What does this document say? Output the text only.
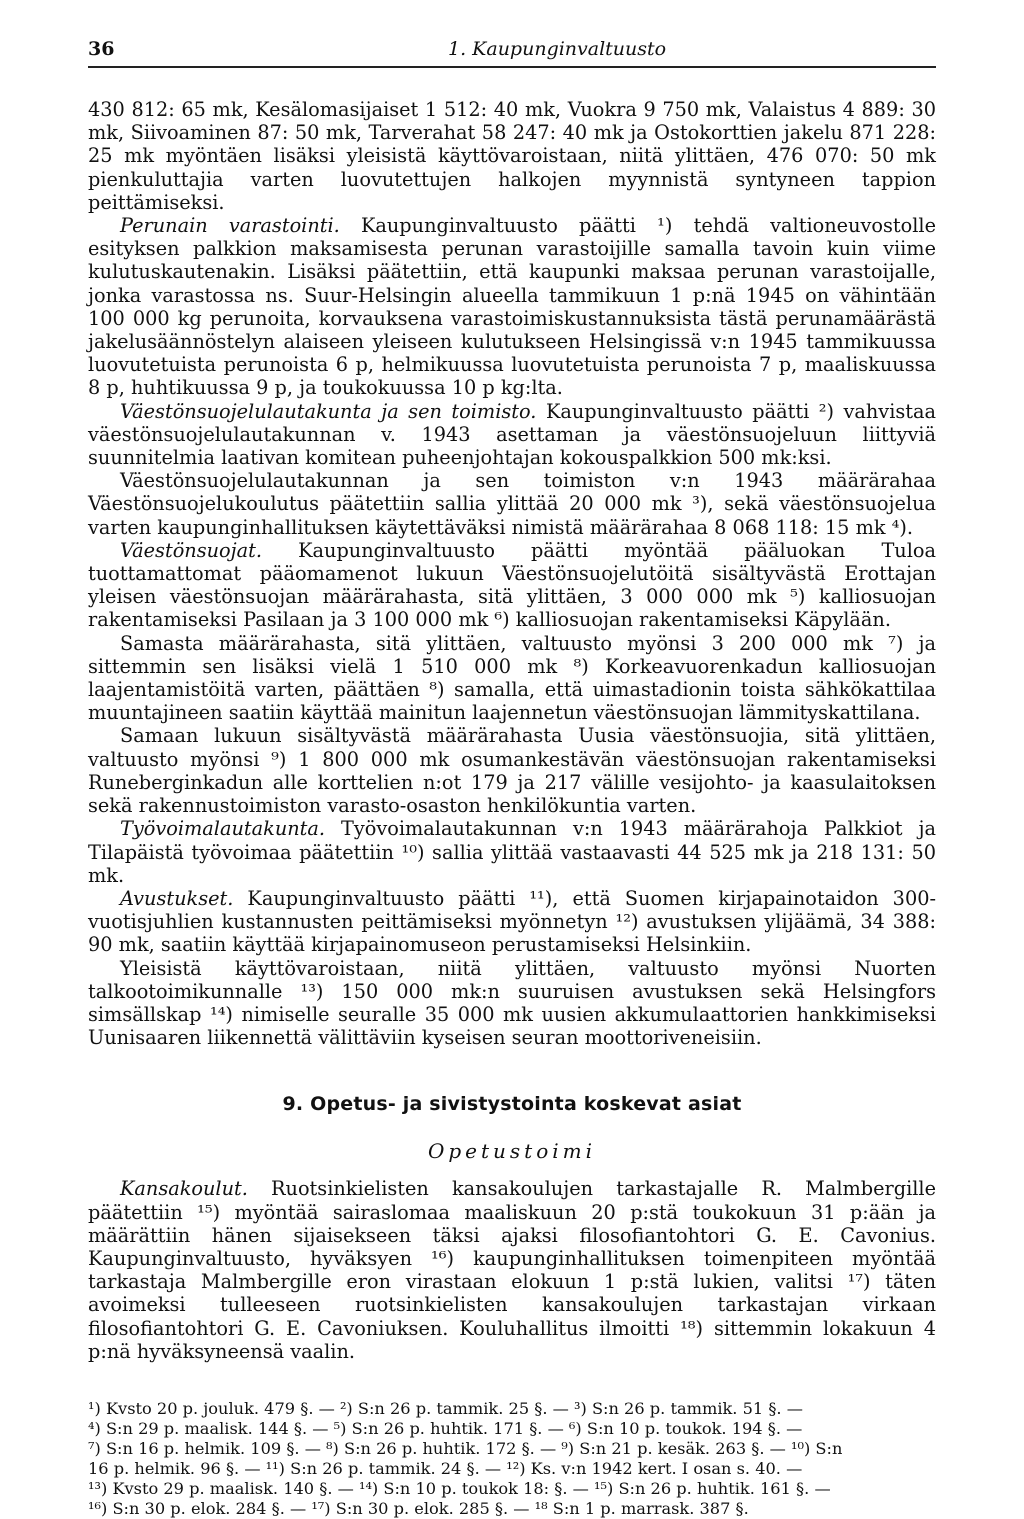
36	1. Kaupunginvaltuusto

430 812: 65 mk, Kesälomasijaiset 1 512: 40 mk, Vuokra 9 750 mk, Valaistus 4 889: 30 mk, Siivoaminen 87: 50 mk, Tarverahat 58 247: 40 mk ja Ostokorttien jakelu 871 228: 25 mk myöntäen lisäksi yleisistä käyttövaroistaan, niitä ylittäen, 476 070: 50 mk pienkuluttajia varten luovutettujen halkojen myynnistä syntyneen tappion peittämiseksi.

Perunain varastointi. Kaupunginvaltuusto päätti ¹) tehdä valtioneuvostolle esityksen palkkion maksamisesta perunan varastoijille samalla tavoin kuin viime kulutuskautenakin. Lisäksi päätettiin, että kaupunki maksaa perunan varastoijalle, jonka varastossa ns. Suur-Helsingin alueella tammikuun 1 p:nä 1945 on vähintään 100 000 kg perunoita, korvauksena varastoimiskustannuksista tästä perunamäärästä jakelusäännöstelyn alaiseen yleiseen kulutukseen Helsingissä v:n 1945 tammikuussa luovutetuista perunoista 6 p, helmikuussa luovutetuista perunoista 7 p, maaliskuussa 8 p, huhtikuussa 9 p, ja toukokuussa 10 p kg:lta.

Väestönsuojelulautakunta ja sen toimisto. Kaupunginvaltuusto päätti ²) vahvistaa väestönsuojelulautakunnan v. 1943 asettaman ja väestönsuojeluun liittyviä suunnitelmia laativan komitean puheenjohtajan kokouspalkkion 500 mk:ksi.

Väestönsuojelulautakunnan ja sen toimiston v:n 1943 määrärahaa Väestönsuojelukoulutus päätettiin sallia ylittää 20 000 mk ³), sekä väestönsuojeluа varten kaupunginhallituksen käytettäväksi nimistä määrärahaa 8 068 118: 15 mk ⁴).

Väestönsuojat. Kaupunginvaltuusto päätti myöntää pääluokan Tuloa tuottamattomat pääomamenot lukuun Väestönsuojelutöitä sisältyvästä Erottajan yleisen väestönsuojan määrärahasta, sitä ylittäen, 3 000 000 mk ⁵) kalliosuojan rakentamiseksi Pasilaan ja 3 100 000 mk ⁶) kalliosuojan rakentamiseksi Käpylään.

Samasta määrärahasta, sitä ylittäen, valtuusto myönsi 3 200 000 mk ⁷) ja sittemmin sen lisäksi vielä 1 510 000 mk ⁸) Korkeavuorenkadun kalliosuojan laajentamistöitä varten, päättäen ⁸) samalla, että uimastadionin toista sähkökattilaa muuntajineen saatiin käyttää mainitun laajennetun väestönsuojan lämmityskattilana.

Samaan lukuun sisältyvästä määrärahasta Uusia väestönsuojia, sitä ylittäen, valtuusto myönsi ⁹) 1 800 000 mk osumankestävän väestönsuojan rakentamiseksi Runeberginkadun alle korttelien n:ot 179 ja 217 välille vesijohto- ja kaasulaitoksen sekä rakennustoimiston varasto-osaston henkilökuntia varten.

Työvoimalautakunta. Työvoimalautakunnan v:n 1943 määrärahoja Palkkiot ja Tilapäistä työvoimaa päätettiin ¹⁰) sallia ylittää vastaavasti 44 525 mk ja 218 131: 50 mk.

Avustukset. Kaupunginvaltuusto päätti ¹¹), että Suomen kirjapainotaidon 300-vuotisjuhlien kustannusten peittämiseksi myönnetyn ¹²) avustuksen ylijäämä, 34 388: 90 mk, saatiin käyttää kirjapainomuseon perustamiseksi Helsinkiin.

Yleisistä käyttövaroistaan, niitä ylittäen, valtuusto myönsi Nuorten talkootoimikunnalle ¹³) 150 000 mk:n suuruisen avustuksen sekä Helsingfors simsällskap ¹⁴) nimiselle seuralle 35 000 mk uusien akkumulaattorien hankkimiseksi Uunisaaren liikennettä välittäviin kyseisen seuran moottoriveneisiin.

9. Opetus- ja sivistystointa koskevat asiat
Opetustoimi

Kansakoulut. Ruotsinkielisten kansakoulujen tarkastajalle R. Malmbergille päätettiin ¹⁵) myöntää sairaslomaa maaliskuun 20 p:stä toukokuun 31 p:ään ja määrättiin hänen sijaisekseen täksi ajaksi filosofiantohtori G. E. Cavonius. Kaupunginvaltuusto, hyväksyen ¹⁶) kaupunginhallituksen toimenpiteen myöntää tarkastaja Malmbergille eron virastaan elokuun 1 p:stä lukien, valitsi ¹⁷) täten avoimeksi tulleeseen ruotsinkielisten kansakoulujen tarkastajan virkaan filosofiantohtori G. E. Cavoniuksen. Kouluhallitus ilmoitti ¹⁸) sittemmin lokakuun 4 p:nä hyväksyneensä vaalin.

¹) Kvsto 20 p. jouluk. 479 §. — ²) S:n 26 p. tammik. 25 §. — ³) S:n 26 p. tammik. 51 §. —
⁴) S:n 29 p. maalisk. 144 §. — ⁵) S:n 26 p. huhtik. 171 §. — ⁶) S:n 10 p. toukok. 194 §. —
⁷) S:n 16 p. helmik. 109 §. — ⁸) S:n 26 p. huhtik. 172 §. — ⁹) S:n 21 p. kesäk. 263 §. — ¹⁰) S:n
16 p. helmik. 96 §. — ¹¹) S:n 26 p. tammik. 24 §. — ¹²) Ks. v:n 1942 kert. I osan s. 40. —
¹³) Kvsto 29 p. maalisk. 140 §. — ¹⁴) S:n 10 p. toukok 18: §. — ¹⁵) S:n 26 p. huhtik. 161 §. —
¹⁶) S:n 30 p. elok. 284 §. — ¹⁷) S:n 30 p. elok. 285 §. — ¹⁸ S:n 1 p. marrask. 387 §.
